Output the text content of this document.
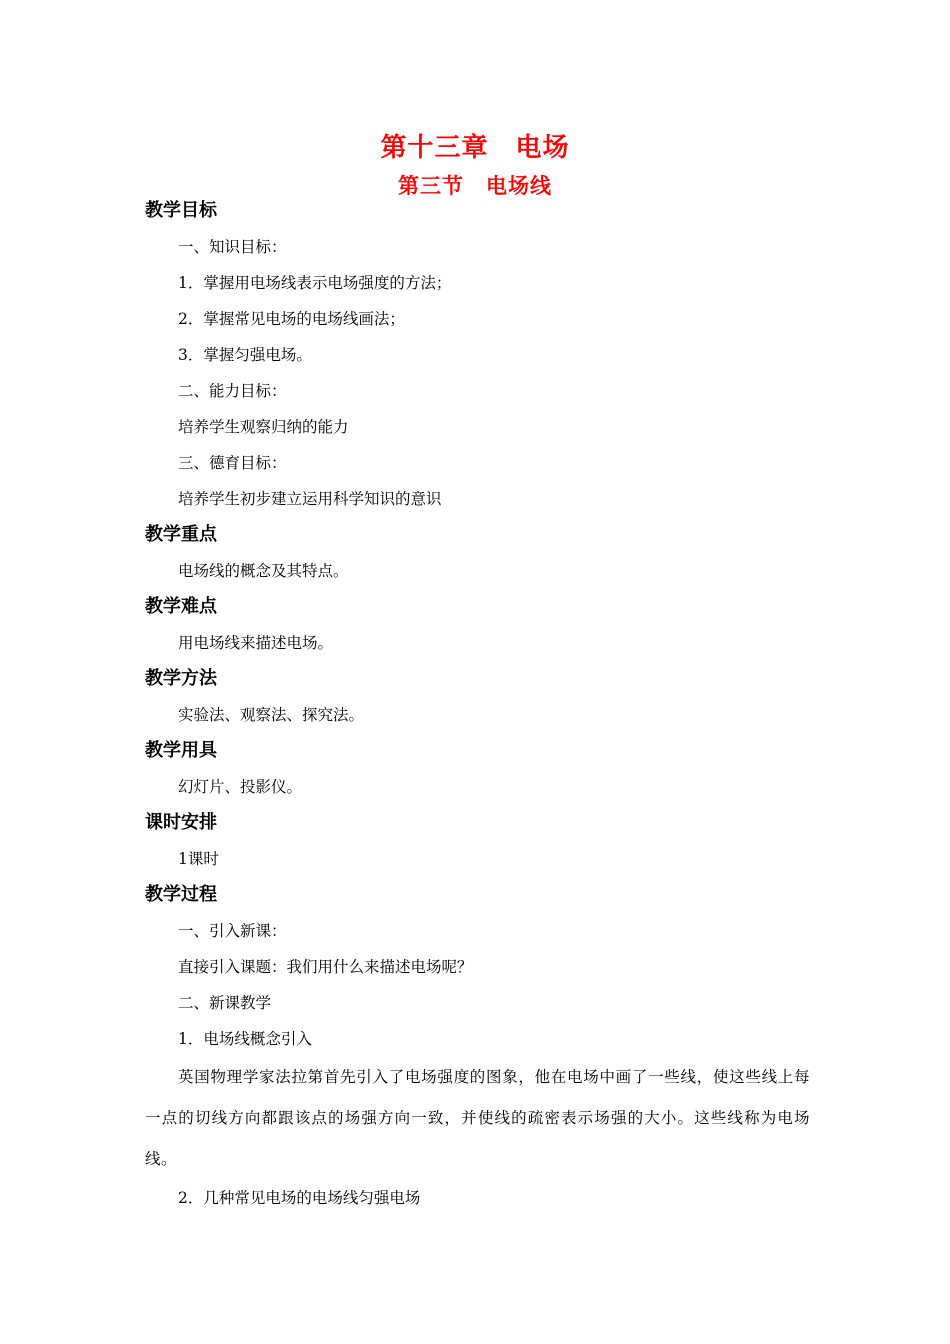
第十三章　电场
第三节　电场线
教学目标
一、知识目标：
1．掌握用电场线表示电场强度的方法；
2．掌握常见电场的电场线画法；
3．掌握匀强电场。
二、能力目标：
培养学生观察归纳的能力
三、德育目标：
培养学生初步建立运用科学知识的意识
教学重点
电场线的概念及其特点。
教学难点
用电场线来描述电场。
教学方法
实验法、观察法、探究法。
教学用具
幻灯片、投影仪。
课时安排
1课时
教学过程
一、引入新课：
直接引入课题：我们用什么来描述电场呢？
二、新课教学
1．电场线概念引入

英国物理学家法拉第首先引入了电场强度的图象，他在电场中画了一些线，使这些线上每一点的切线方向都跟该点的场强方向一致，并使线的疏密表示场强的大小。这些线称为电场线。

2．几种常见电场的电场线匀强电场
